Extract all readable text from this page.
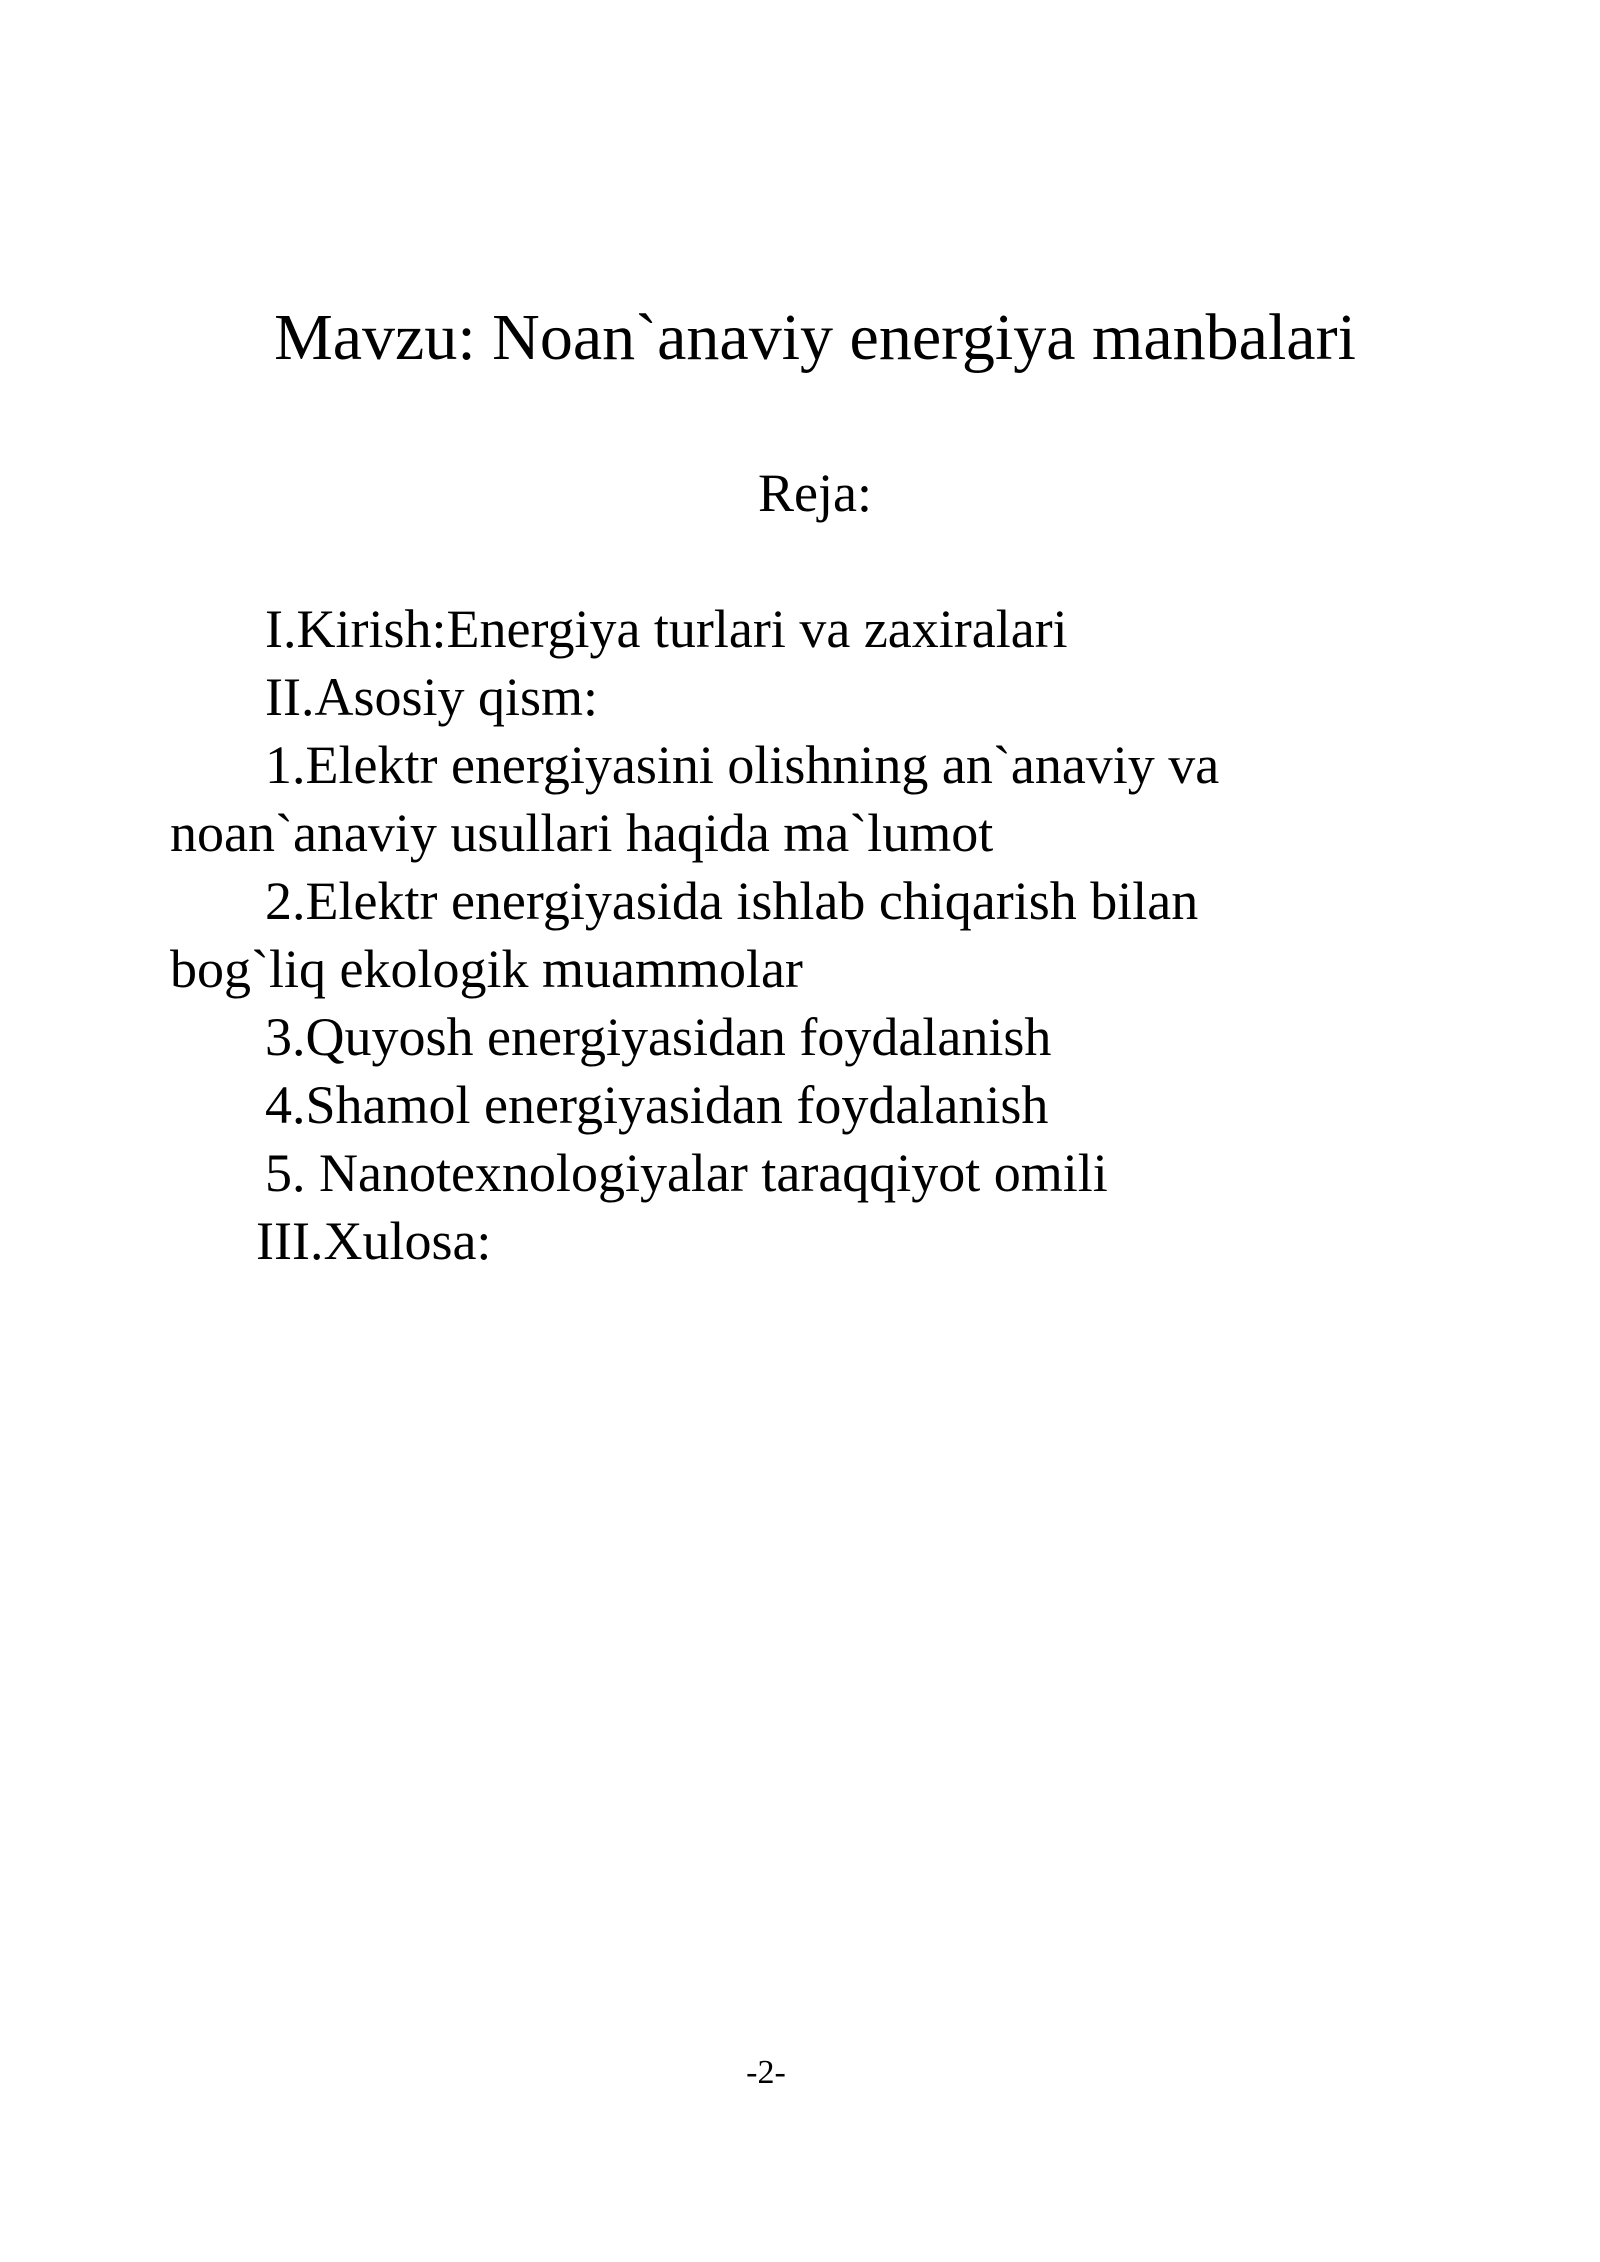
Mavzu: Noan`anaviy energiya manbalari
Reja:
I.Kirish:Energiya turlari va zaxiralari
II.Asosiy qism:
1.Elektr energiyasini olishning an`anaviy va
noan`anaviy usullari haqida ma`lumot
2.Elektr energiyasida ishlab chiqarish bilan
bog`liq ekologik muammolar
3.Quyosh energiyasidan foydalanish
4.Shamol energiyasidan foydalanish
5. Nanotexnologiyalar taraqqiyot omili
III.Xulosa:
-2-
